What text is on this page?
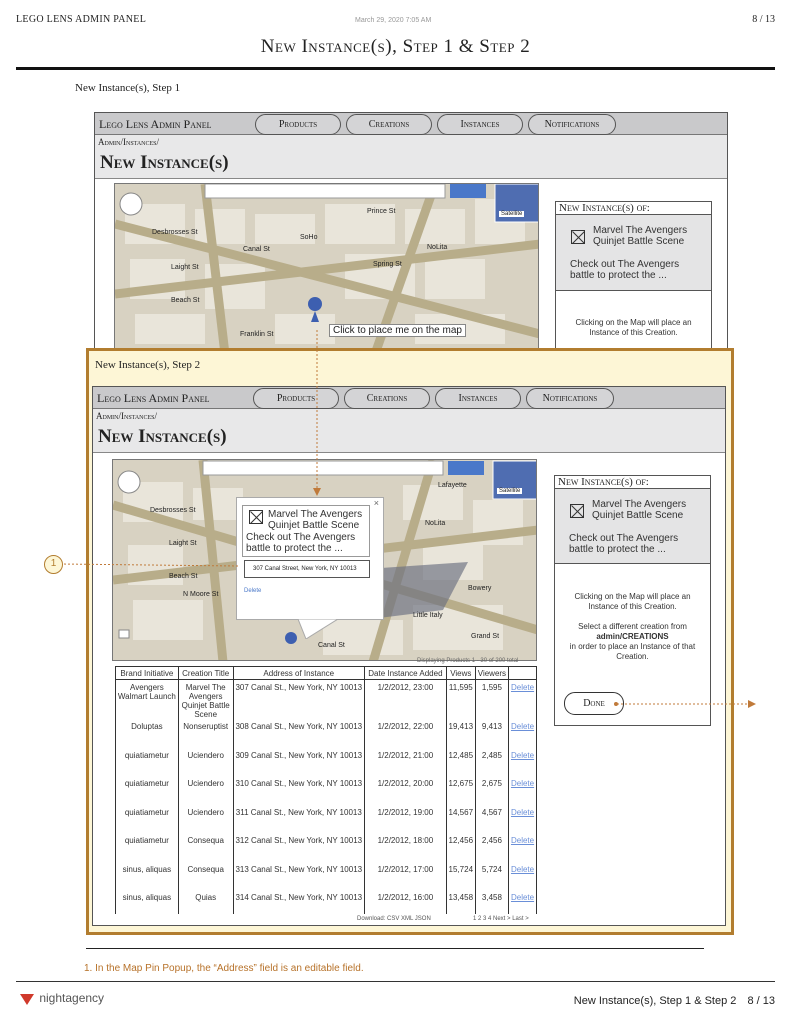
LEGO LENS ADMIN PANEL	March 29, 2020 7:05 AM	8 / 13
New Instance(s), Step 1 & Step 2
New Instance(s), Step 1
Lego Lens Admin Panel	Products	Creations	Instances	Notifications
Admin/Instances/
New Instance(s)
Satellite
Prince St
SoHo
NoLita
Spring St
Canal St
Laight St
Beach St
Franklin St
Desbrosses St
Click to place me on the map
New Instance(s) of:
Marvel The Avengers Quinjet Battle Scene
Check out The Avengers battle to protect the ...
Clicking on the Map will place an Instance of this Creation.
New Instance(s), Step 2
Lego Lens Admin Panel	Products	Creations	Instances	Notifications
Admin/Instances/
New Instance(s)
Satellite
NoLita
Laight St
Beach St
N Moore St
Lafayette
Bowery
Little Italy
Grand St
Desbrosses St
Canal St
×
Marvel The Avengers Quinjet Battle Scene
Check out The Avengers battle to protect the ...
307 Canal Street, New York, NY 10013
Delete
New Instance(s) of:
Marvel The Avengers Quinjet Battle Scene
Check out The Avengers battle to protect the ...
Clicking on the Map will place an Instance of this Creation.
Select a different creation from
admin/CREATIONS
in order to place an Instance of that Creation.
Done
Displaying Products 1 - 30 of 200 total
Brand Initiative	Creation Title	Address of Instance	Date Instance Added	Views	Viewers	
Avengers Walmart Launch	Marvel The Avengers Quinjet Battle Scene	307 Canal St., New York, NY 10013	1/2/2012, 23:00	11,595	1,595	Delete
Doluptas	Nonseruptist	308 Canal St., New York, NY 10013	1/2/2012, 22:00	19,413	9,413	Delete
quiatiametur	Uciendero	309 Canal St., New York, NY 10013	1/2/2012, 21:00	12,485	2,485	Delete
quiatiametur	Uciendero	310 Canal St., New York, NY 10013	1/2/2012, 20:00	12,675	2,675	Delete
quiatiametur	Uciendero	311 Canal St., New York, NY 10013	1/2/2012, 19:00	14,567	4,567	Delete
quiatiametur	Consequa	312 Canal St., New York, NY 10013	1/2/2012, 18:00	12,456	2,456	Delete
sinus, aliquas	Consequa	313 Canal St., New York, NY 10013	1/2/2012, 17:00	15,724	5,724	Delete
sinus, aliquas	Quias	314 Canal St., New York, NY 10013	1/2/2012, 16:00	13,458	3,458	Delete
Download: CSV XML JSON	1 2 3 4 Next > Last >
1
1. In the Map Pin Popup, the “Address” field is an editable field.
nightagency	New Instance(s), Step 1 & Step 2 8 / 13
